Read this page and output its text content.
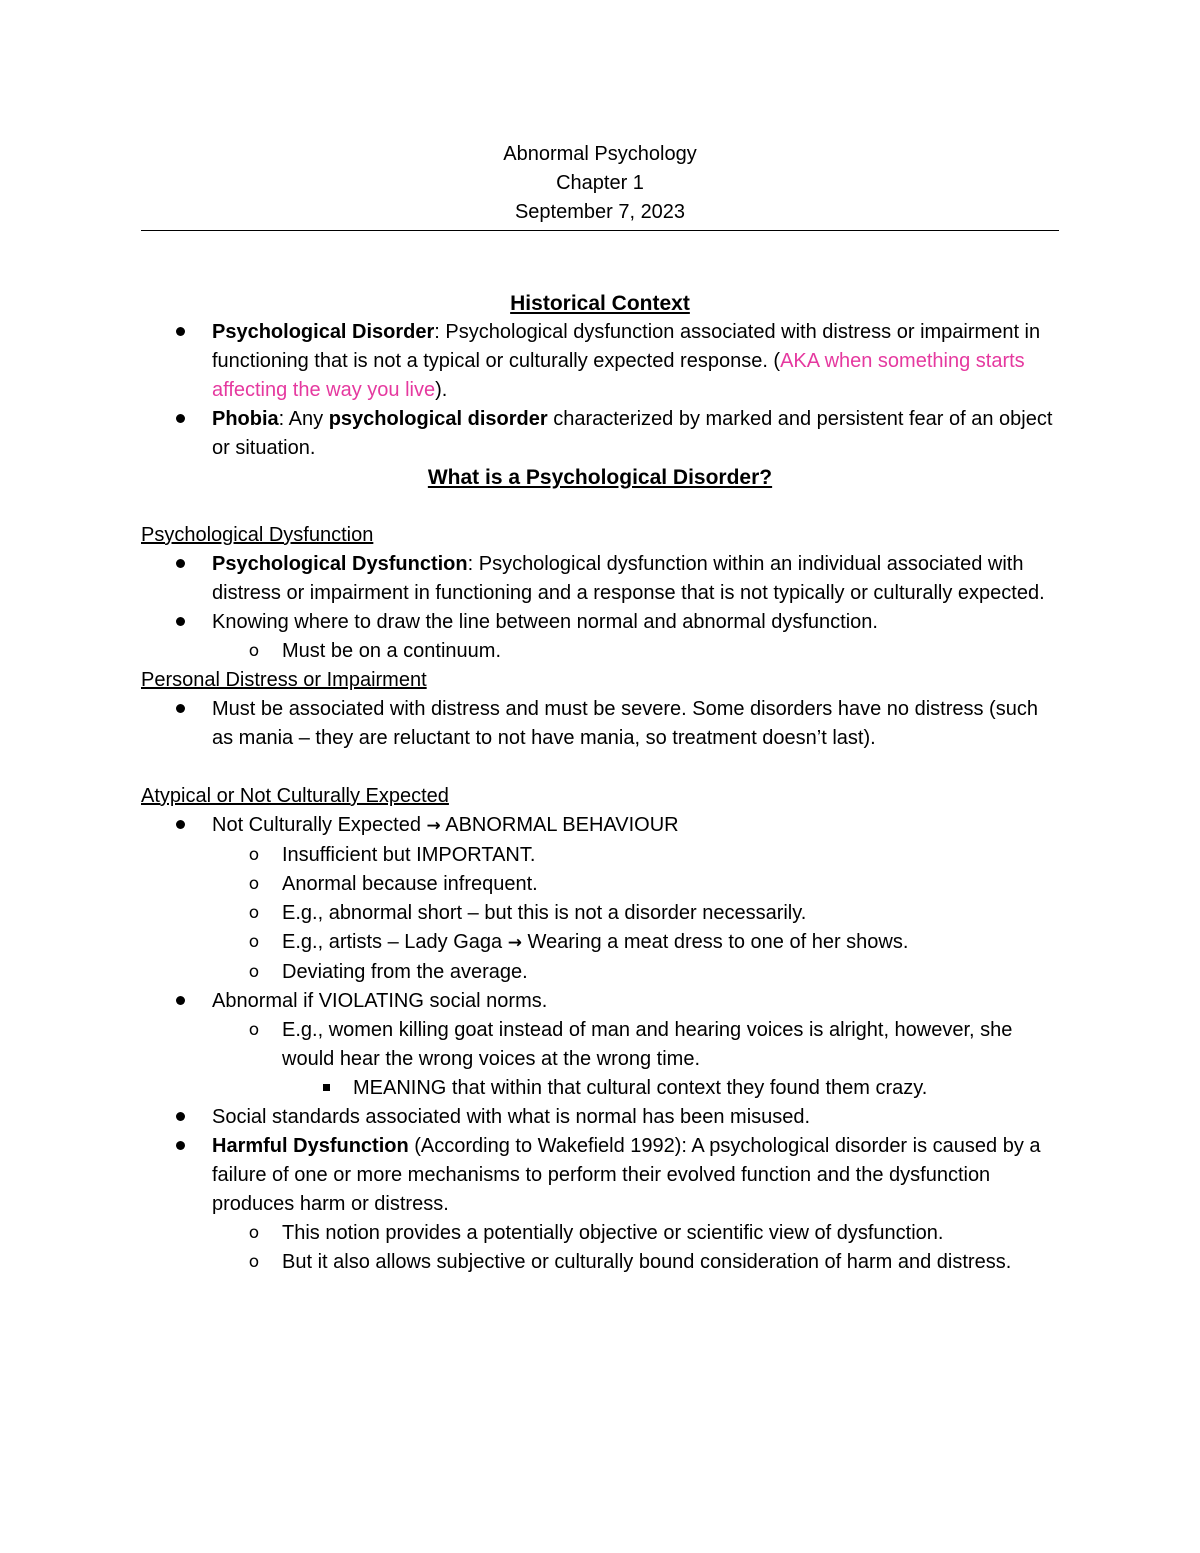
Abnormal Psychology
Chapter 1
September 7, 2023
Historical Context
Psychological Disorder: Psychological dysfunction associated with distress or impairment in functioning that is not a typical or culturally expected response. (AKA when something starts affecting the way you live).
Phobia: Any psychological disorder characterized by marked and persistent fear of an object or situation.
What is a Psychological Disorder?
Psychological Dysfunction
Psychological Dysfunction: Psychological dysfunction within an individual associated with distress or impairment in functioning and a response that is not typically or culturally expected.
Knowing where to draw the line between normal and abnormal dysfunction.
o Must be on a continuum.
Personal Distress or Impairment
Must be associated with distress and must be severe. Some disorders have no distress (such as mania – they are reluctant to not have mania, so treatment doesn’t last).
Atypical or Not Culturally Expected
Not Culturally Expected → ABNORMAL BEHAVIOUR
o Insufficient but IMPORTANT.
o Anormal because infrequent.
o E.g., abnormal short – but this is not a disorder necessarily.
o E.g., artists – Lady Gaga → Wearing a meat dress to one of her shows.
o Deviating from the average.
Abnormal if VIOLATING social norms.
o E.g., women killing goat instead of man and hearing voices is alright, however, she would hear the wrong voices at the wrong time.
MEANING that within that cultural context they found them crazy.
Social standards associated with what is normal has been misused.
Harmful Dysfunction (According to Wakefield 1992): A psychological disorder is caused by a failure of one or more mechanisms to perform their evolved function and the dysfunction produces harm or distress.
o This notion provides a potentially objective or scientific view of dysfunction.
o But it also allows subjective or culturally bound consideration of harm and distress.
